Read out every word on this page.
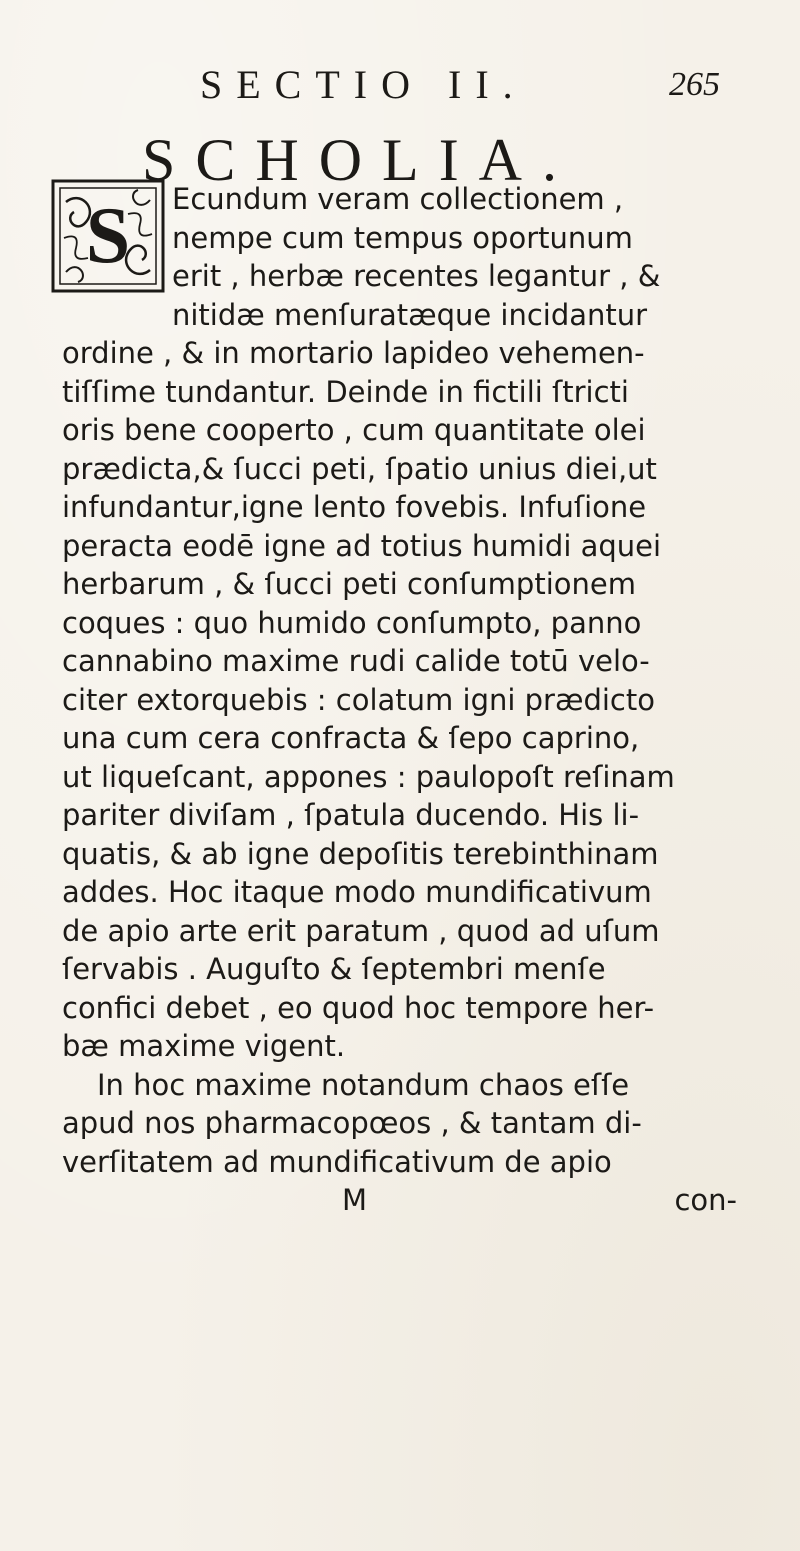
SECTIO II.	265
SCHOLIA.
S	Ecundum veram collectionem ,
nempe cum tempus oportunum
erit , herbæ recentes legantur , &
nitidæ menſuratæque incidantur
ordine , & in mortario lapideo vehemen-
tiſſime tundantur. Deinde in fictili ſtricti
oris bene cooperto , cum quantitate olei
prædicta,& ſucci peti, ſpatio unius diei,ut
infundantur,igne lento fovebis. Infuſione
peracta eodē igne ad totius humidi aquei
herbarum , & ſucci peti conſumptionem
coques : quo humido conſumpto, panno
cannabino maxime rudi calide totū velo-
citer extorquebis : colatum igni prædicto
una cum cera confracta & ſepo caprino,
ut liqueſcant, appones : paulopoſt reſinam
pariter diviſam , ſpatula ducendo. His li-
quatis, & ab igne depoſitis terebinthinam
addes. Hoc itaque modo mundificativum
de apio arte erit paratum , quod ad uſum
ſervabis . Auguſto & ſeptembri menſe
confici debet , eo quod hoc tempore her-
bæ maxime vigent.
In hoc maxime notandum chaos eſſe
apud nos pharmacopœos , & tantam di-
verſitatem ad mundificativum de apio
M	con-
